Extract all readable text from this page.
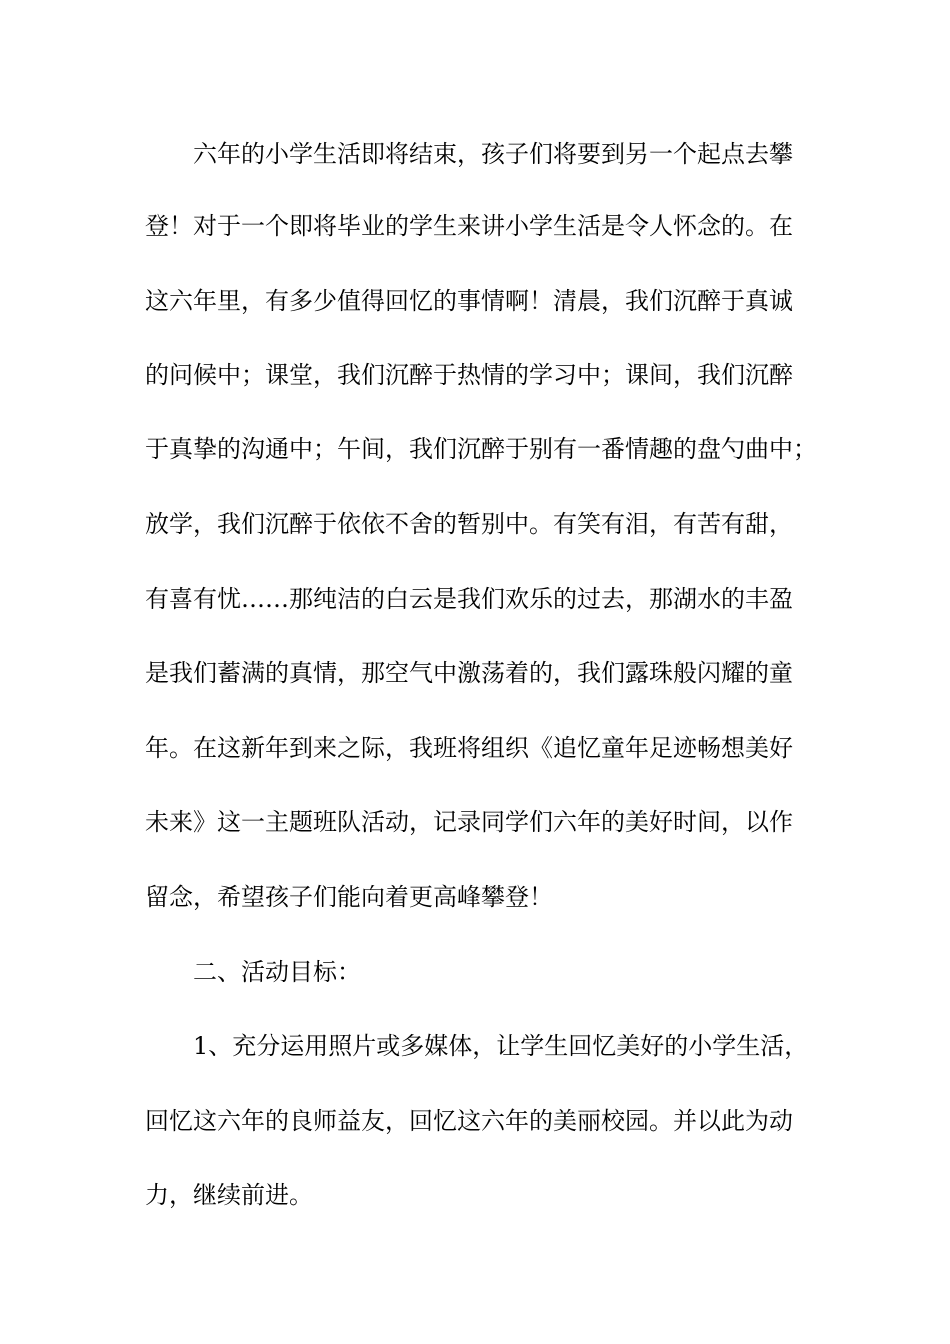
六年的小学生活即将结束，孩子们将要到另一个起点去攀

登！对于一个即将毕业的学生来讲小学生活是令人怀念的。在

这六年里，有多少值得回忆的事情啊！清晨，我们沉醉于真诚

的问候中；课堂，我们沉醉于热情的学习中；课间，我们沉醉

于真挚的沟通中；午间，我们沉醉于别有一番情趣的盘勺曲中；

放学，我们沉醉于依依不舍的暂别中。有笑有泪，有苦有甜，

有喜有忧……那纯洁的白云是我们欢乐的过去，那湖水的丰盈

是我们蓄满的真情，那空气中激荡着的，我们露珠般闪耀的童

年。在这新年到来之际，我班将组织《追忆童年足迹畅想美好

未来》这一主题班队活动，记录同学们六年的美好时间，以作

留念，希望孩子们能向着更高峰攀登！

二、活动目标：

1、充分运用照片或多媒体，让学生回忆美好的小学生活，

回忆这六年的良师益友，回忆这六年的美丽校园。并以此为动

力，继续前进。
